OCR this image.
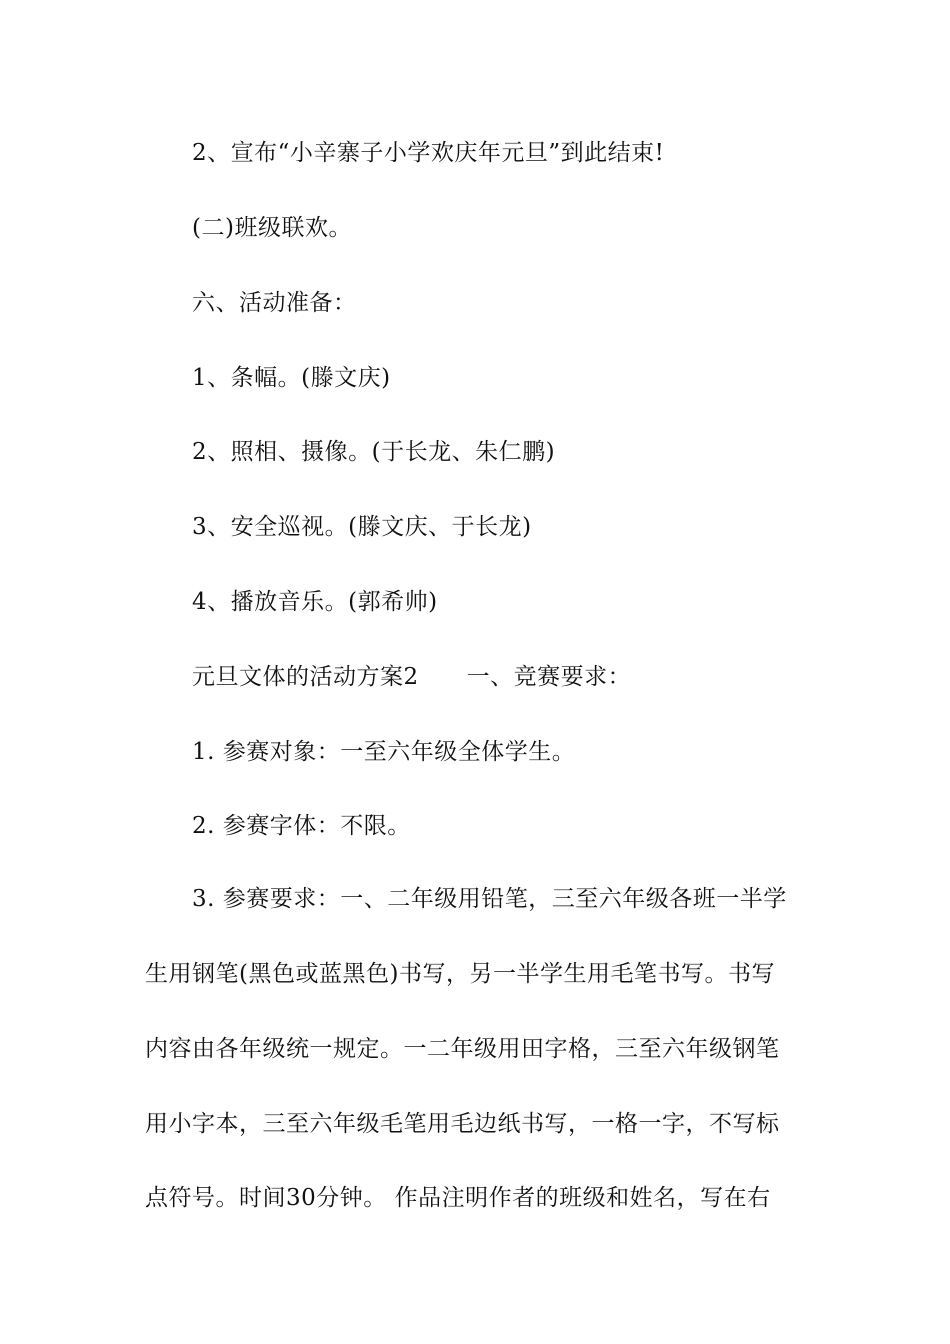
2、宣布“小辛寨子小学欢庆年元旦”到此结束!
(二)班级联欢。
六、活动准备：
1、条幅。(滕文庆)
2、照相、摄像。(于长龙、朱仁鹏)
3、安全巡视。(滕文庆、于长龙)
4、播放音乐。(郭希帅)
元旦文体的活动方案2 一、竞赛要求：
1. 参赛对象：一至六年级全体学生。
2. 参赛字体：不限。
3. 参赛要求：一、二年级用铅笔，三至六年级各班一半学
生用钢笔(黑色或蓝黑色)书写，另一半学生用毛笔书写。书写
内容由各年级统一规定。一二年级用田字格，三至六年级钢笔
用小字本，三至六年级毛笔用毛边纸书写，一格一字，不写标
点符号。时间30分钟。 作品注明作者的班级和姓名，写在右
